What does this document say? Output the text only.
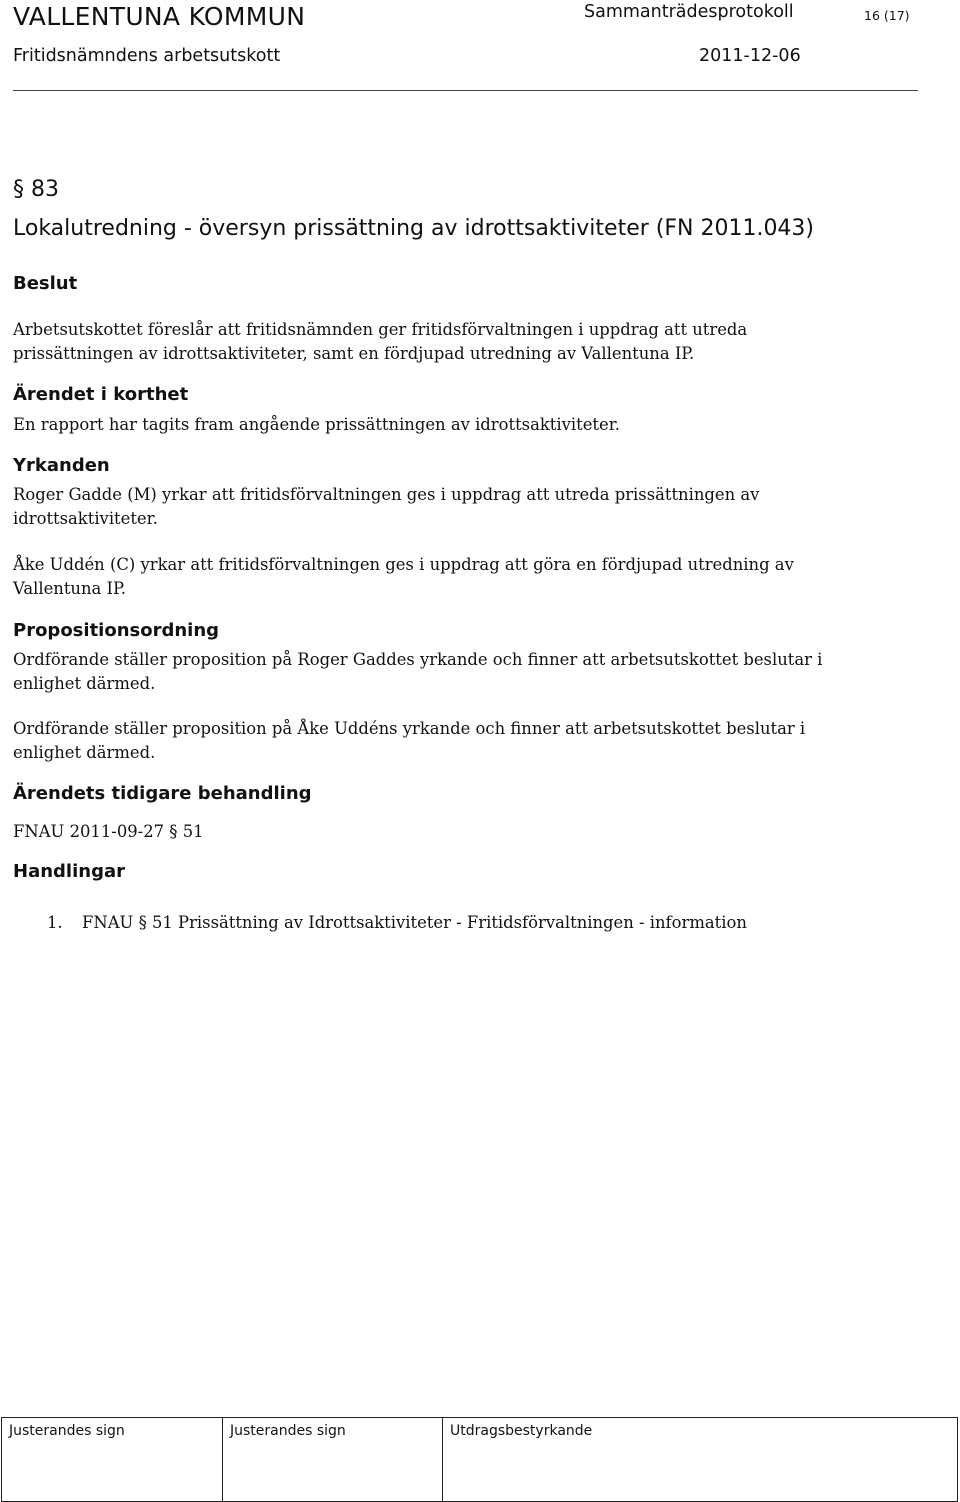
VALLENTUNA KOMMUN	Sammanträdesprotokoll	16 (17)
Fritidsnämndens arbetsutskott	2011-12-06
§ 83
Lokalutredning - översyn prissättning av idrottsaktiviteter (FN 2011.043)
Beslut
Arbetsutskottet föreslår att fritidsnämnden ger fritidsförvaltningen i uppdrag att utreda prissättningen av idrottsaktiviteter, samt en fördjupad utredning av Vallentuna IP.
Ärendet i korthet
En rapport har tagits fram angående prissättningen av idrottsaktiviteter.
Yrkanden
Roger Gadde (M) yrkar att fritidsförvaltningen ges i uppdrag att utreda prissättningen av idrottsaktiviteter.
Åke Uddén (C) yrkar att fritidsförvaltningen ges i uppdrag att göra en fördjupad utredning av Vallentuna IP.
Propositionsordning
Ordförande ställer proposition på Roger Gaddes yrkande och finner att arbetsutskottet beslutar i enlighet därmed.
Ordförande ställer proposition på Åke Uddéns yrkande och finner att arbetsutskottet beslutar i enlighet därmed.
Ärendets tidigare behandling
FNAU 2011-09-27 § 51
Handlingar
1. FNAU § 51 Prissättning av Idrottsaktiviteter - Fritidsförvaltningen - information
Justerandes sign	Justerandes sign	Utdragsbestyrkande
